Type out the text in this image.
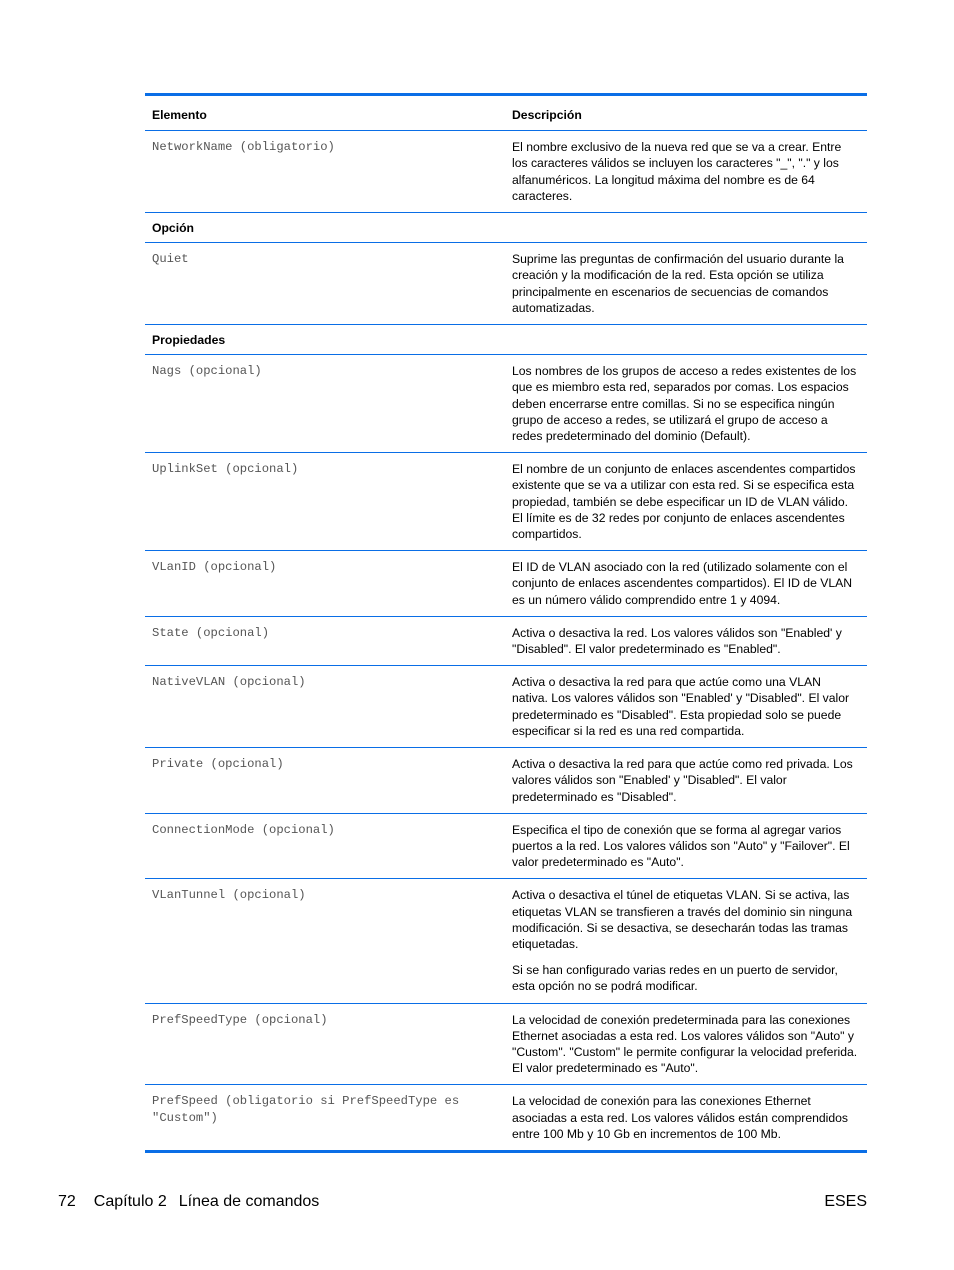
Elemento	Descripción
NetworkName (obligatorio)	El nombre exclusivo de la nueva red que se va a crear. Entre los caracteres válidos se incluyen los caracteres "_", "." y los alfanuméricos. La longitud máxima del nombre es de 64 caracteres.

Opción	
Quiet	Suprime las preguntas de confirmación del usuario durante la creación y la modificación de la red. Esta opción se utiliza principalmente en escenarios de secuencias de comandos automatizadas.

Propiedades	
Nags (opcional)	Los nombres de los grupos de acceso a redes existentes de los que es miembro esta red, separados por comas. Los espacios deben encerrarse entre comillas. Si no se especifica ningún grupo de acceso a redes, se utilizará el grupo de acceso a redes predeterminado del dominio (Default).

UplinkSet (opcional)	El nombre de un conjunto de enlaces ascendentes compartidos existente que se va a utilizar con esta red. Si se especifica esta propiedad, también se debe especificar un ID de VLAN válido. El límite es de 32 redes por conjunto de enlaces ascendentes compartidos.

VLanID (opcional)	El ID de VLAN asociado con la red (utilizado solamente con el conjunto de enlaces ascendentes compartidos). El ID de VLAN es un número válido comprendido entre 1 y 4094.

State (opcional)	Activa o desactiva la red. Los valores válidos son "Enabled' y "Disabled". El valor predeterminado es "Enabled".

NativeVLAN (opcional)	Activa o desactiva la red para que actúe como una VLAN nativa. Los valores válidos son "Enabled' y "Disabled". El valor predeterminado es "Disabled". Esta propiedad solo se puede especificar si la red es una red compartida.

Private (opcional)	Activa o desactiva la red para que actúe como red privada. Los valores válidos son "Enabled' y "Disabled". El valor predeterminado es "Disabled".

ConnectionMode (opcional)	Especifica el tipo de conexión que se forma al agregar varios puertos a la red. Los valores válidos son "Auto" y "Failover". El valor predeterminado es "Auto".

VLanTunnel (opcional)	Activa o desactiva el túnel de etiquetas VLAN. Si se activa, las etiquetas VLAN se transfieren a través del dominio sin ninguna modificación. Si se desactiva, se desecharán todas las tramas etiquetadas.

Si se han configurado varias redes en un puerto de servidor, esta opción no se podrá modificar.

PrefSpeedType (opcional)	La velocidad de conexión predeterminada para las conexiones Ethernet asociadas a esta red. Los valores válidos son "Auto" y "Custom". "Custom" le permite configurar la velocidad preferida. El valor predeterminado es "Auto".

PrefSpeed (obligatorio si PrefSpeedType es "Custom")	La velocidad de conexión para las conexiones Ethernet asociadas a esta red. Los valores válidos están comprendidos entre 100 Mb y 10 Gb en incrementos de 100 Mb.

72 Capítulo 2 Línea de comandos	ESES
